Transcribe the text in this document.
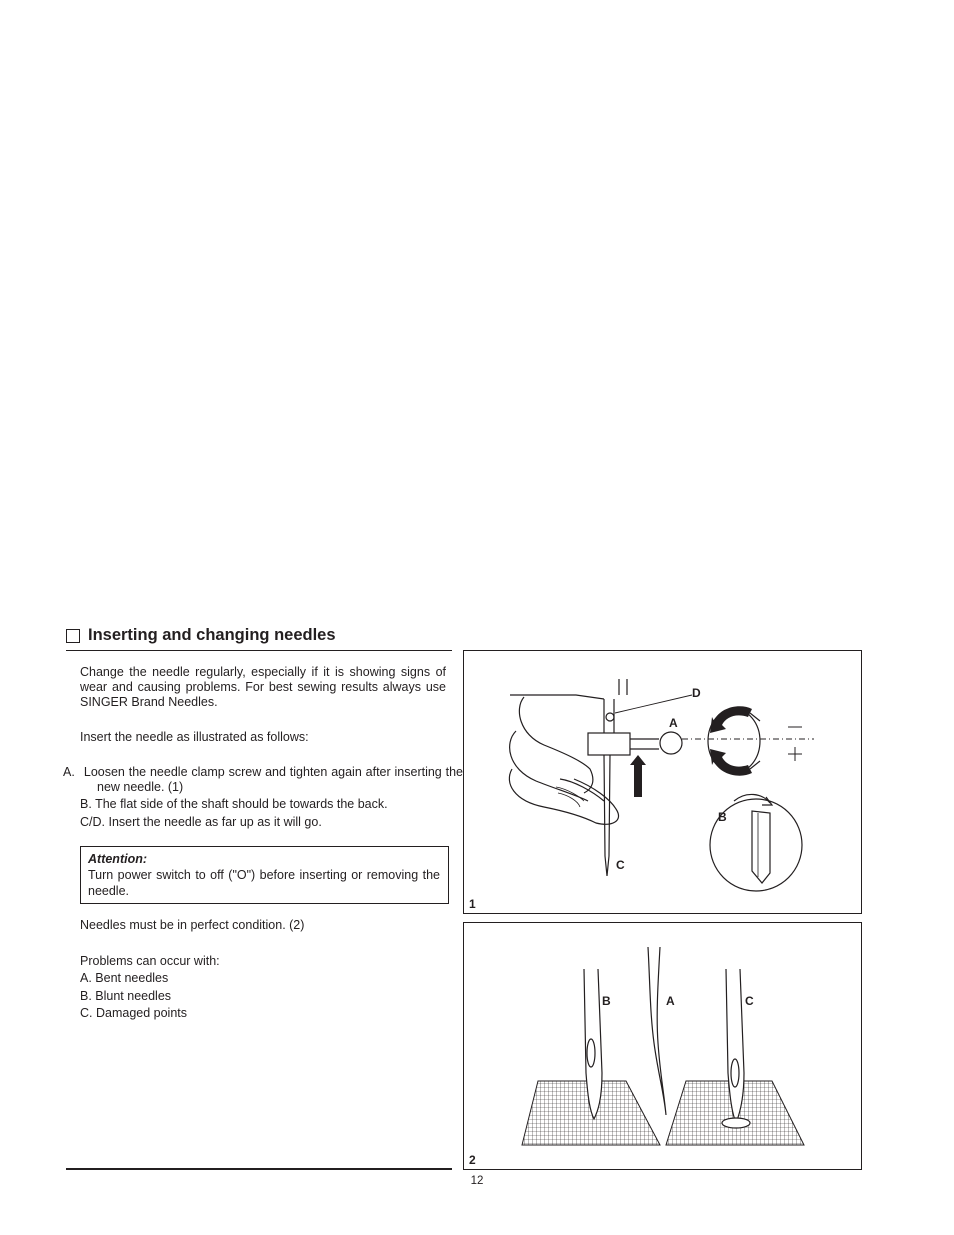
Inserting and changing needles
Change the needle regularly, especially if it is showing signs of wear and causing problems. For best sewing results always use SINGER Brand Needles.
Insert the needle as illustrated as follows:
A. Loosen the needle clamp screw and tighten again after inserting the new needle. (1)
B. The flat side of the shaft should be towards the back.
C/D. Insert the needle as far up as it will go.
Attention:
Turn power switch to off ("O") before inserting or removing the needle.
Needles must be in perfect condition. (2)
Problems can occur with:
A. Bent needles
B. Blunt needles
C. Damaged points
D
A
B
C
1
B	A	C
2
12
